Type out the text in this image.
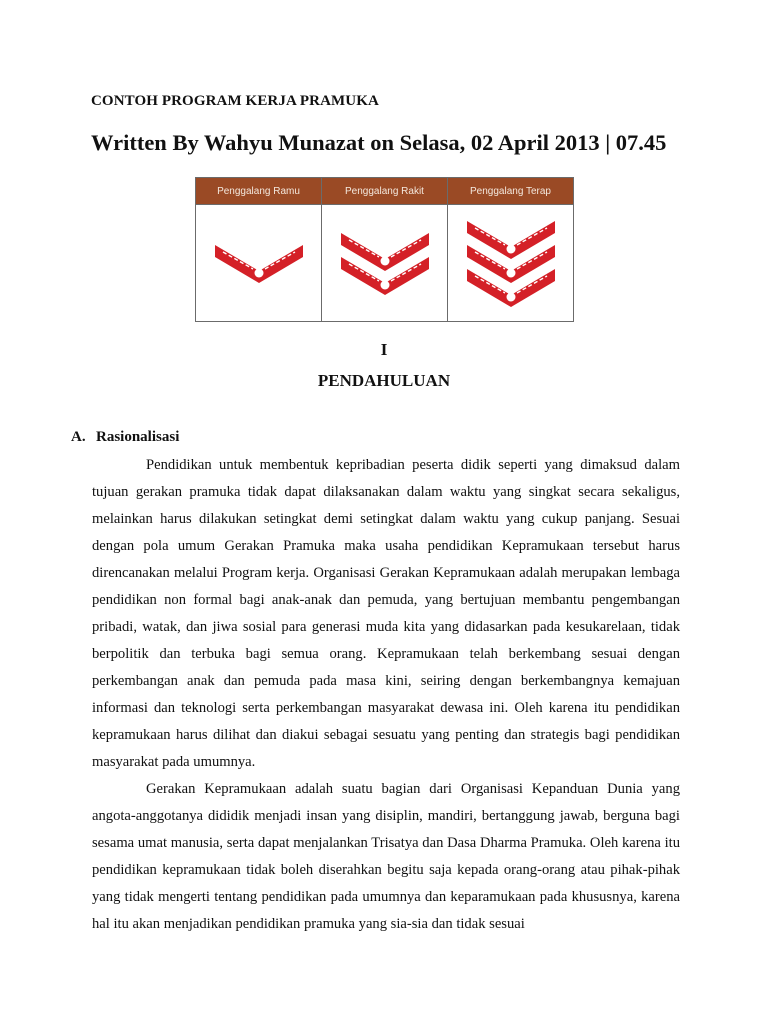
CONTOH PROGRAM KERJA PRAMUKA
Written By Wahyu Munazat on Selasa, 02 April 2013 | 07.45
Penggalang Ramu	Penggalang Rakit	Penggalang Terap
I
PENDAHULUAN
A. Rasionalisasi

Pendidikan untuk membentuk kepribadian peserta didik seperti yang dimaksud dalam tujuan gerakan pramuka tidak dapat dilaksanakan dalam waktu yang singkat secara sekaligus, melainkan harus dilakukan setingkat demi setingkat dalam waktu yang cukup panjang. Sesuai dengan pola umum Gerakan Pramuka maka usaha pendidikan Kepramukaan tersebut harus direncanakan melalui Program kerja. Organisasi Gerakan Kepramukaan adalah merupakan lembaga pendidikan non formal bagi anak-anak dan pemuda, yang bertujuan membantu pengembangan pribadi, watak, dan jiwa sosial para generasi muda kita yang didasarkan pada kesukarelaan, tidak berpolitik dan terbuka bagi semua orang. Kepramukaan telah berkembang sesuai dengan perkembangan anak dan pemuda pada masa kini, seiring dengan berkembangnya kemajuan informasi dan teknologi serta perkembangan masyarakat dewasa ini. Oleh karena itu pendidikan kepramukaan harus dilihat dan diakui sebagai sesuatu yang penting dan strategis bagi pendidikan masyarakat pada umumnya.

Gerakan Kepramukaan adalah suatu bagian dari Organisasi Kepanduan Dunia yang angota-anggotanya dididik menjadi insan yang disiplin, mandiri, bertanggung jawab, berguna bagi sesama umat manusia, serta dapat menjalankan Trisatya dan Dasa Dharma Pramuka. Oleh karena itu pendidikan kepramukaan tidak boleh diserahkan begitu saja kepada orang-orang atau pihak-pihak yang tidak mengerti tentang pendidikan pada umumnya dan keparamukaan pada khususnya, karena hal itu akan menjadikan pendidikan pramuka yang sia-sia dan tidak sesuai
